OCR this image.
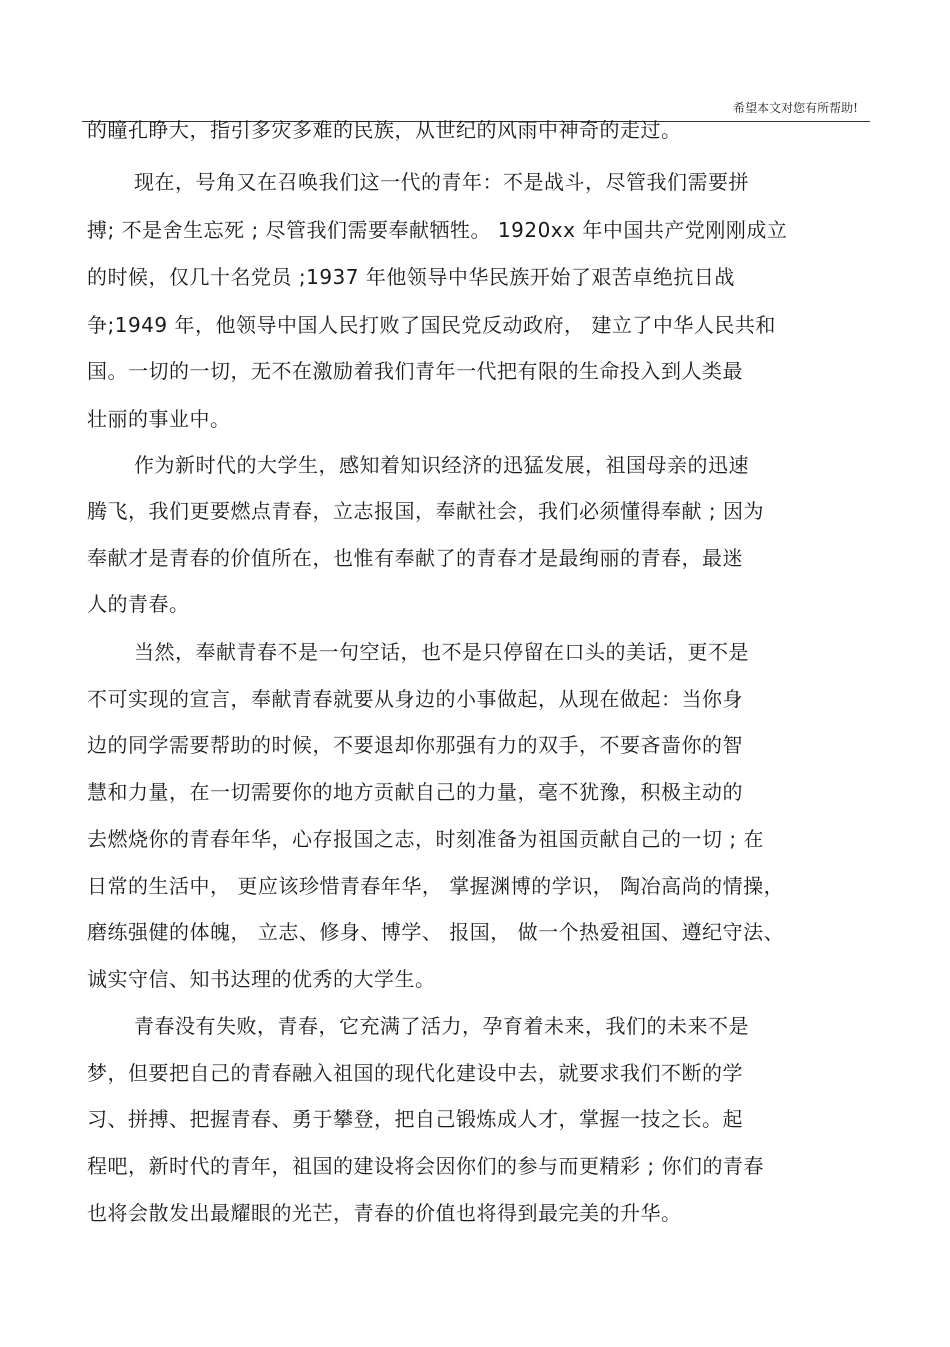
希望本文对您有所帮助!
的瞳孔睁大，指引多灾多难的民族，从世纪的风雨中神奇的走过。
现在，号角又在召唤我们这一代的青年：不是战斗，尽管我们需要拼
搏; 不是舍生忘死 ; 尽管我们需要奉献牺牲。 1920xx 年中国共产党刚刚成立
的时候，仅几十名党员 ;1937 年他领导中华民族开始了艰苦卓绝抗日战
争;1949 年，他领导中国人民打败了国民党反动政府， 建立了中华人民共和
国。一切的一切，无不在激励着我们青年一代把有限的生命投入到人类最
壮丽的事业中。
作为新时代的大学生，感知着知识经济的迅猛发展，祖国母亲的迅速
腾飞，我们更要燃点青春，立志报国，奉献社会，我们必须懂得奉献 ; 因为
奉献才是青春的价值所在，也惟有奉献了的青春才是最绚丽的青春，最迷
人的青春。
当然，奉献青春不是一句空话，也不是只停留在口头的美话，更不是
不可实现的宣言，奉献青春就要从身边的小事做起，从现在做起：当你身
边的同学需要帮助的时候，不要退却你那强有力的双手，不要吝啬你的智
慧和力量，在一切需要你的地方贡献自己的力量，毫不犹豫，积极主动的
去燃烧你的青春年华，心存报国之志，时刻准备为祖国贡献自己的一切 ; 在
日常的生活中， 更应该珍惜青春年华， 掌握渊博的学识， 陶冶高尚的情操，
磨练强健的体魄， 立志、修身、博学、 报国， 做一个热爱祖国、遵纪守法、
诚实守信、知书达理的优秀的大学生。
青春没有失败，青春，它充满了活力，孕育着未来，我们的未来不是
梦，但要把自己的青春融入祖国的现代化建设中去，就要求我们不断的学
习、拼搏、把握青春、勇于攀登，把自己锻炼成人才，掌握一技之长。起
程吧，新时代的青年，祖国的建设将会因你们的参与而更精彩 ; 你们的青春
也将会散发出最耀眼的光芒，青春的价值也将得到最完美的升华。
